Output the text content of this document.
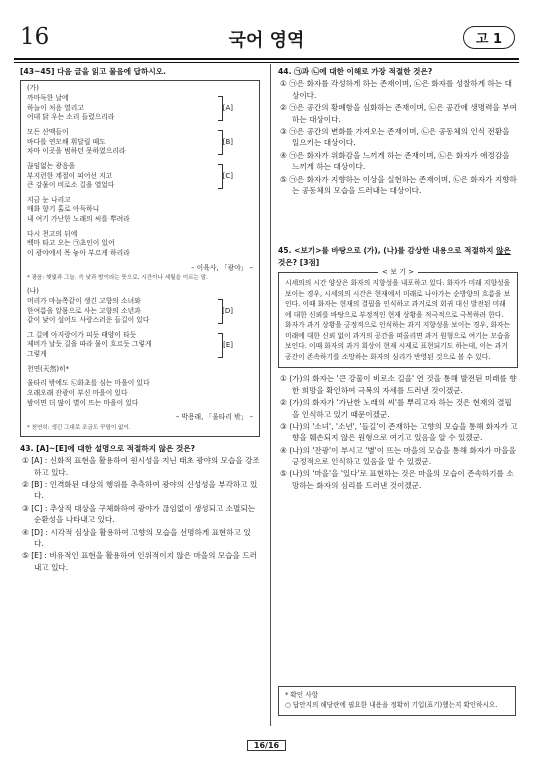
16	국어 영역	고 1
[43~45] 다음 글을 읽고 물음에 답하시오.
(가)
까마득한 날에
하늘이 처음 열리고
어데 닭 우는 소리 들렸으리라
[A]
모든 산맥들이
바다를 연모해 휘달릴 때도
차마 이곳을 범하던 못하였으리라
[B]
끊임없는 광음을
부지런한 계절이 피어선 지고
큰 강물이 비로소 길을 열었다
[C]
지금 눈 나리고
매화 향기 홀로 아득하니
내 여기 가난한 노래의 씨를 뿌려라
다시 천고의 뒤에
백마 타고 오는 ㉠초인이 있어
이 광야에서 목 놓아 부르게 하리라
– 이육사, 「광야」 –
* 광음: 햇빛과 그늘. 즉 낮과 밤이라는 뜻으로, 시간이나 세월을 이르는 말.
(나)
머리가 마늘쪽같이 생긴 고향의 소녀와
한여름을 알몸으로 사는 고향의 소년과
같이 낯이 설어도 사랑스러운 들길이 있다
[D]
그 길에 아지랑이가 피듯 태양이 타듯
제비가 날듯 길을 따라 물이 흐르듯 그렇게
그렇게
[E]
천연(天然)히*
울타리 밖에도 ㉡화초를 심는 마을이 있다
오래오래 잔광이 부신 마을이 있다
밤이면 더 많이 별이 뜨는 마을이 있다
– 박용래, 「울타리 밖」 –
* 천연히: 생긴 그대로 조금도 꾸밈이 없이.
43. [A]~[E]에 대한 설명으로 적절하지 않은 것은?
① [A] : 신화적 표현을 활용하여 원시성을 지닌 태초 광야의 모습을 강조하고 있다.
② [B] : 인격화된 대상의 행위를 추측하여 광야의 신성성을 부각하고 있다.
③ [C] : 추상적 대상을 구체화하여 광야가 끊임없이 생성되고 소멸되는 순환성을 나타내고 있다.
④ [D] : 시각적 심상을 활용하여 고향의 모습을 선명하게 표현하고 있다.
⑤ [E] : 비유적인 표현을 활용하여 인위적이지 않은 마을의 모습을 드러내고 있다.
44. ㉠과 ㉡에 대한 이해로 가장 적절한 것은?
① ㉠은 화자를 각성하게 하는 존재이며, ㉡은 화자를 성찰하게 하는 대상이다.
② ㉠은 공간의 황폐함을 심화하는 존재이며, ㉡은 공간에 생명력을 부여하는 대상이다.
③ ㉠은 공간의 변화를 가져오는 존재이며, ㉡은 공동체의 인식 전환을 일으키는 대상이다.
④ ㉠은 화자가 위화감을 느끼게 하는 존재이며, ㉡은 화자가 애정감을 느끼게 하는 대상이다.
⑤ ㉠은 화자가 지향하는 이상을 실현하는 존재이며, ㉡은 화자가 지향하는 공동체의 모습을 드러내는 대상이다.
45. <보기>를 바탕으로 (가), (나)를 감상한 내용으로 적절하지 않은 것은? [3점]
< 보 기 >
시세의의 시간 양상은 화자의 지향성을 내포하고 있다. 화자가 미래 지향성을 보이는 경우, 시세의의 시간은 현재에서 미래로 나아가는 순방향의 흐름을 보인다. 이때 화자는 현재의 결핍을 인식하고 과거로의 회귀 대신 발전된 미래에 대한 신뢰를 바탕으로 부정적인 현재 상황을 적극적으로 극복하려 한다. 화자가 과거 상황을 긍정적으로 인식하는 과거 지향성을 보이는 경우, 화자는 미래에 대한 신뢰 없이 과거의 공간을 떠올리면 과거 원형으로 여기는 모습을 보인다. 이때 화자의 과거 회상이 현재 시제로 표현되기도 하는데, 이는 과거 공간이 존속하기를 소망하는 화자의 심리가 반영된 것으로 볼 수 있다.
① (가)의 화자는 '큰 강물이 비로소 길을' 연 것을 통해 발전된 미래를 향한 희망을 확인하여 극복의 자세를 드러낸 것이겠군.
② (가)의 화자가 '가난한 노래의 씨'를 뿌리고자 하는 것은 현재의 결핍을 인식하고 있기 때문이겠군.
③ (나)의 '소녀', '소년', '들길'이 존재하는 고향의 모습을 통해 화자가 고향을 훼손되지 않은 원형으로 여기고 있음을 알 수 있겠군.
④ (나)의 '잔광'이 부시고 '별'이 뜨는 마을의 모습을 통해 화자가 마을을 긍정적으로 인식하고 있음을 알 수 있겠군.
⑤ (나)의 '마을'을 '있다'로 표현하는 것은 마을의 모습이 존속하기를 소망하는 화자의 심리를 드러낸 것이겠군.
* 확인 사항
○ 답안지의 해당란에 필요한 내용을 정확히 기입(표기)했는지 확인하시오.
16/16
